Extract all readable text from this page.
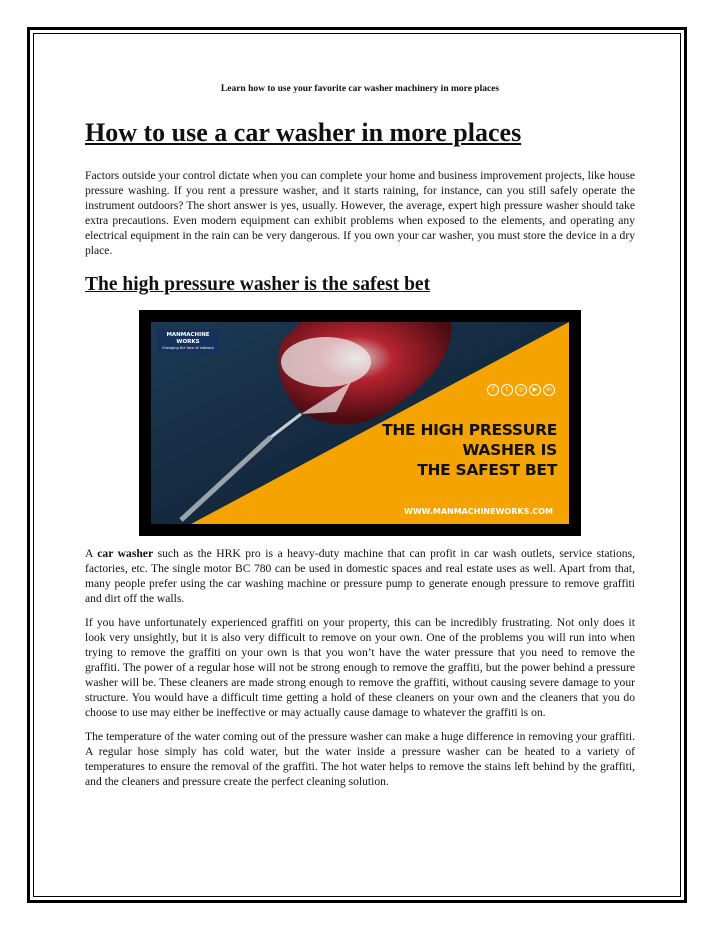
Learn how to use your favorite car washer machinery in more places

How to use a car washer in more places

Factors outside your control dictate when you can complete your home and business improvement projects, like house pressure washing. If you rent a pressure washer, and it starts raining, for instance, can you still safely operate the instrument outdoors? The short answer is yes, usually. However, the average, expert high pressure washer should take extra precautions. Even modern equipment can exhibit problems when exposed to the elements, and operating any electrical equipment in the rain can be very dangerous. If you own your car washer, you must store the device in a dry place.

The high pressure washer is the safest bet
MANMACHINE
WORKS
Changing the face of industry
f	t	◎	▶	in
THE HIGH PRESSURE
WASHER IS
THE SAFEST BET
WWW.MANMACHINEWORKS.COM

A car washer such as the HRK pro is a heavy-duty machine that can profit in car wash outlets, service stations, factories, etc. The single motor BC 780 can be used in domestic spaces and real estate uses as well. Apart from that, many people prefer using the car washing machine or pressure pump to generate enough pressure to remove graffiti and dirt off the walls.

If you have unfortunately experienced graffiti on your property, this can be incredibly frustrating. Not only does it look very unsightly, but it is also very difficult to remove on your own. One of the problems you will run into when trying to remove the graffiti on your own is that you won’t have the water pressure that you need to remove the graffiti. The power of a regular hose will not be strong enough to remove the graffiti, but the power behind a pressure washer will be. These cleaners are made strong enough to remove the graffiti, without causing severe damage to your structure. You would have a difficult time getting a hold of these cleaners on your own and the cleaners that you do choose to use may either be ineffective or may actually cause damage to whatever the graffiti is on.

The temperature of the water coming out of the pressure washer can make a huge difference in removing your graffiti. A regular hose simply has cold water, but the water inside a pressure washer can be heated to a variety of temperatures to ensure the removal of the graffiti. The hot water helps to remove the stains left behind by the graffiti, and the cleaners and pressure create the perfect cleaning solution.
